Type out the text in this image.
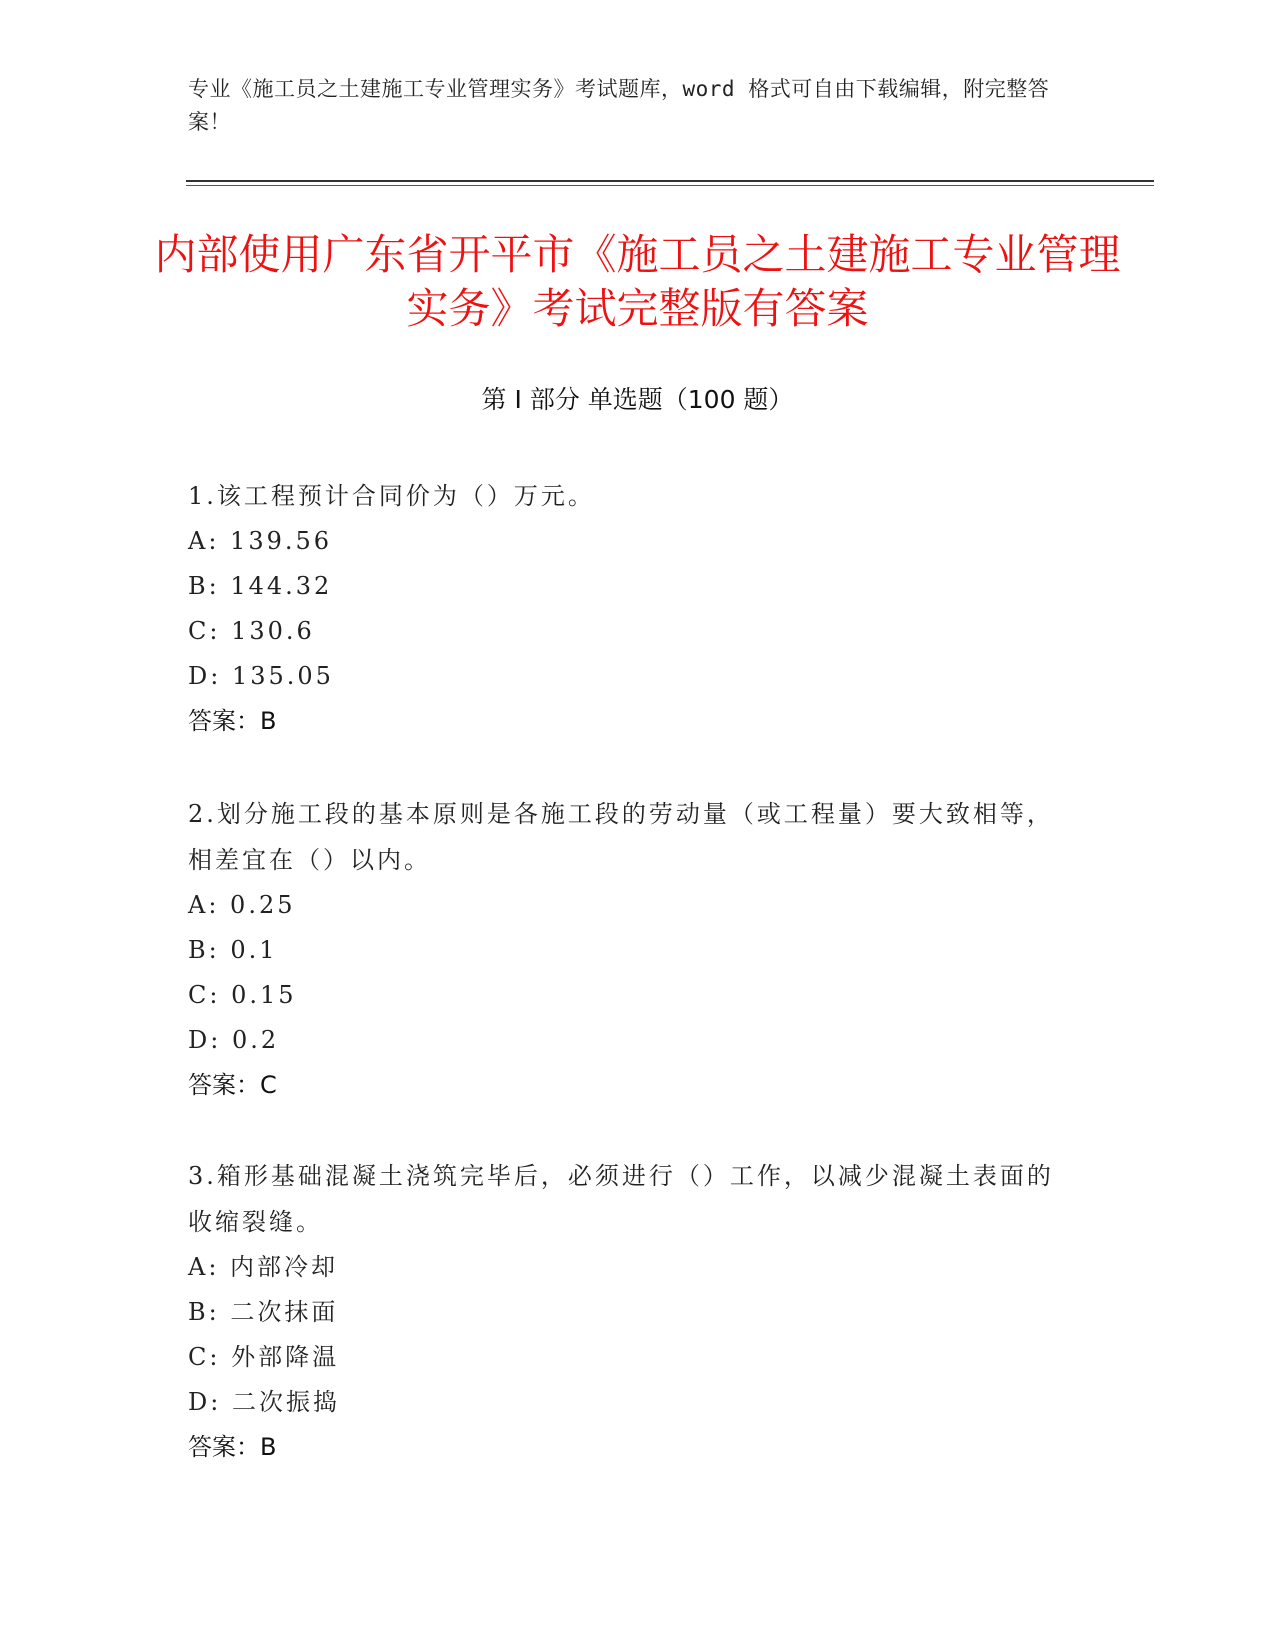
专业《施工员之土建施工专业管理实务》考试题库，word 格式可自由下载编辑，附完整答案！
内部使用广东省开平市《施工员之土建施工专业管理实务》考试完整版有答案
第 I 部分 单选题（100 题）
1.该工程预计合同价为（）万元。
A: 139.56
B: 144.32
C: 130.6
D: 135.05
答案：B
2.划分施工段的基本原则是各施工段的劳动量（或工程量）要大致相等，相差宜在（）以内。
A: 0.25
B: 0.1
C: 0.15
D: 0.2
答案：C
3.箱形基础混凝土浇筑完毕后，必须进行（）工作，以减少混凝土表面的收缩裂缝。
A: 内部冷却
B: 二次抹面
C: 外部降温
D: 二次振捣
答案：B
